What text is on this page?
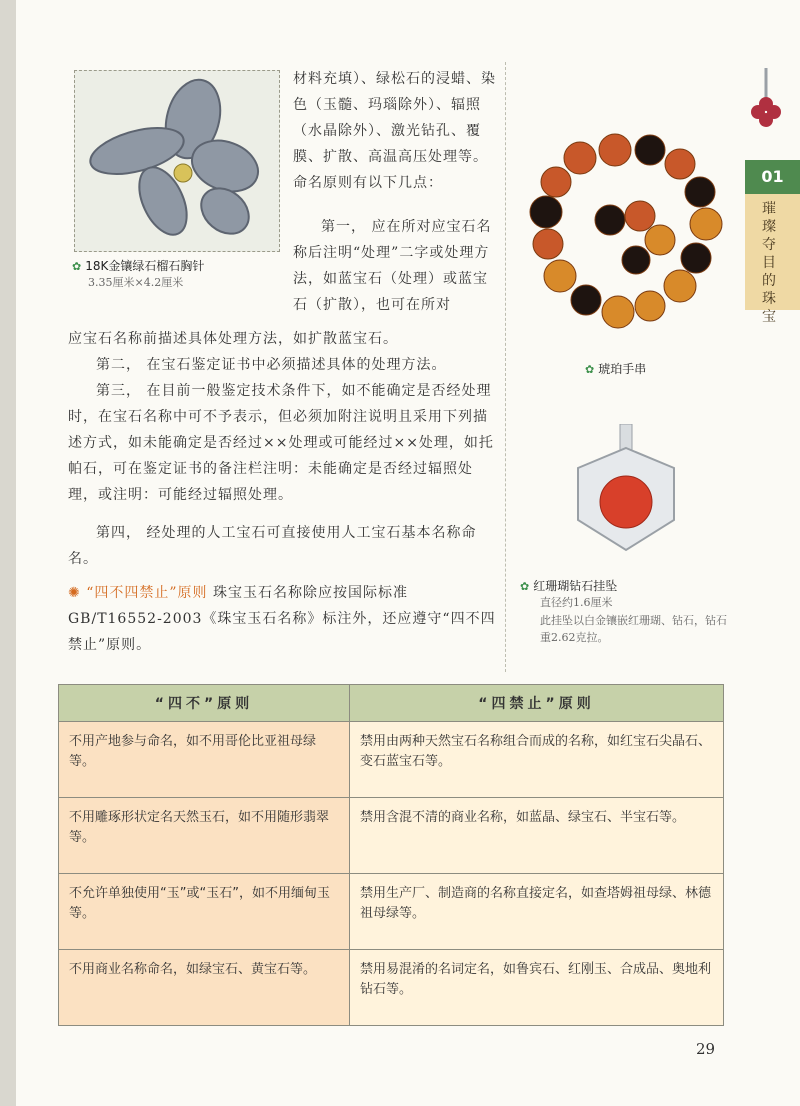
✿ 18K金镶绿石榴石胸针
3.35厘米×4.2厘米
材料充填）、绿松石的浸蜡、染色（玉髓、玛瑙除外）、辐照（水晶除外）、激光钻孔、覆膜、扩散、高温高压处理等。命名原则有以下几点：
第一， 应在所对应宝石名称后注明“处理”二字或处理方法，如蓝宝石（处理）或蓝宝石（扩散），也可在所对
应宝石名称前描述具体处理方法，如扩散蓝宝石。
第二， 在宝石鉴定证书中必须描述具体的处理方法。
第三， 在目前一般鉴定技术条件下，如不能确定是否经处理时，在宝石名称中可不予表示，但必须加附注说明且采用下列描述方式，如未能确定是否经过××处理或可能经过××处理，如托帕石，可在鉴定证书的备注栏注明：未能确定是否经过辐照处理，或注明：可能经过辐照处理。
第四， 经处理的人工宝石可直接使用人工宝石基本名称命名。
✺ “四不四禁止”原则 珠宝玉石名称除应按国际标准GB/T16552-2003《珠宝玉石名称》标注外，还应遵守“四不四禁止”原则。
✿ 琥珀手串
✿ 红珊瑚钻石挂坠
直径约1.6厘米
此挂坠以白金镶嵌红珊瑚、钻石，钻石重2.62克拉。
01
璀璨夺目的珠宝
“四不”原则	“四禁止”原则
不用产地参与命名，如不用哥伦比亚祖母绿等。	禁用由两种天然宝石名称组合而成的名称，如红宝石尖晶石、变石蓝宝石等。
不用雕琢形状定名天然玉石，如不用随形翡翠等。	禁用含混不清的商业名称，如蓝晶、绿宝石、半宝石等。
不允许单独使用“玉”或“玉石”，如不用缅甸玉等。	禁用生产厂、制造商的名称直接定名，如查塔姆祖母绿、林德祖母绿等。
不用商业名称命名，如绿宝石、黄宝石等。	禁用易混淆的名词定名，如鲁宾石、红刚玉、合成品、奥地利钻石等。
29
